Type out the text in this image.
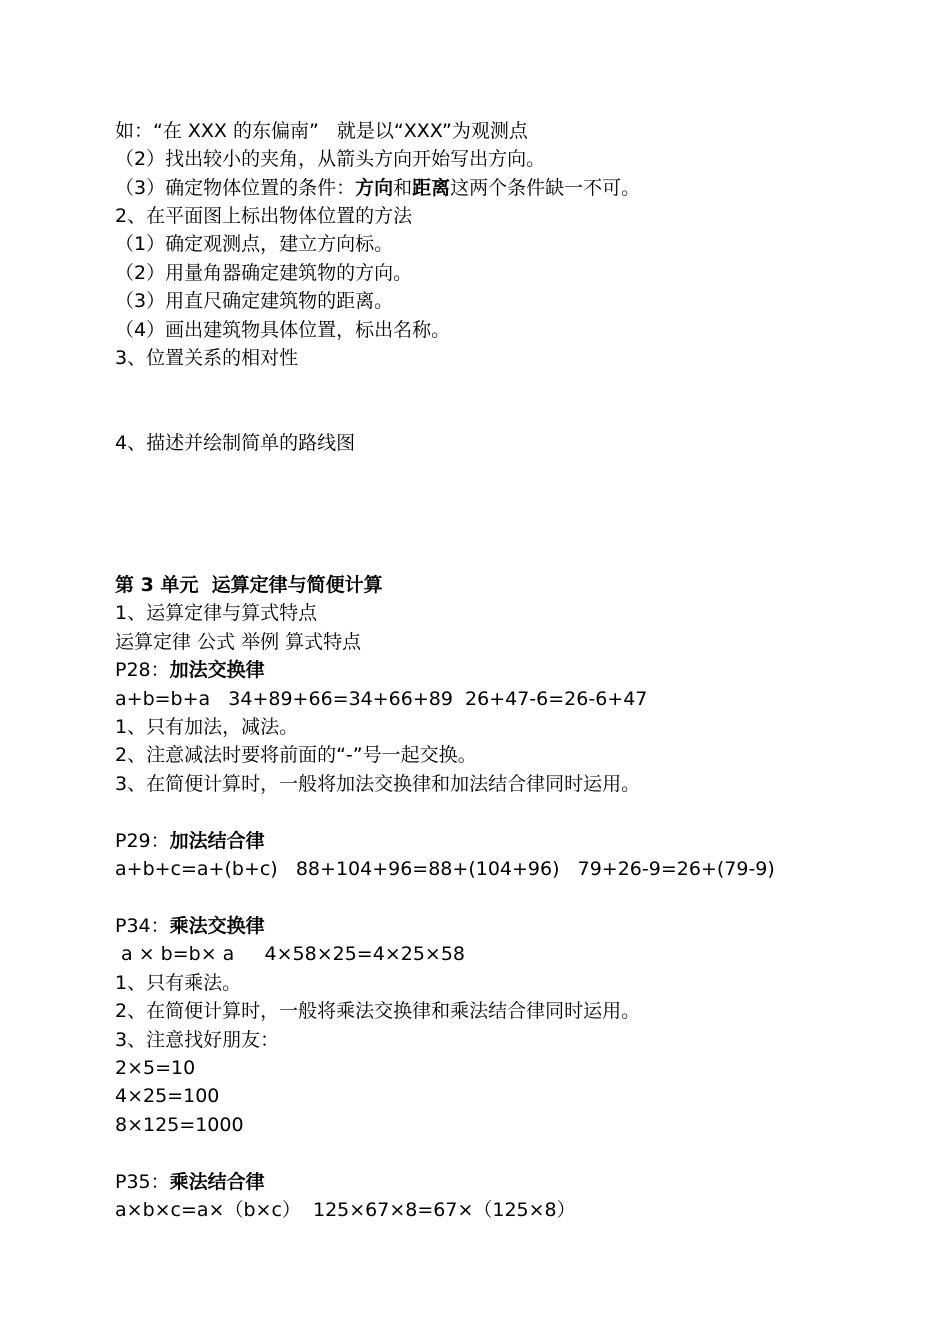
如：“在 XXX 的东偏南”   就是以“XXX”为观测点
（2）找出较小的夹角，从箭头方向开始写出方向。
（3）确定物体位置的条件：方向和距离这两个条件缺一不可。
2、在平面图上标出物体位置的方法
（1）确定观测点，建立方向标。
（2）用量角器确定建筑物的方向。
（3）用直尺确定建筑物的距离。
（4）画出建筑物具体位置，标出名称。
3、位置关系的相对性
4、描述并绘制简单的路线图
第 3 单元  运算定律与简便计算
1、运算定律与算式特点
运算定律 公式 举例 算式特点
P28：加法交换律
a+b=b+a   34+89+66=34+66+89  26+47-6=26-6+47
1、只有加法，减法。
2、注意减法时要将前面的“-”号一起交换。
3、在简便计算时，一般将加法交换律和加法结合律同时运用。
P29：加法结合律
a+b+c=a+(b+c)   88+104+96=88+(104+96)   79+26-9=26+(79-9)
P34：乘法交换律
a × b=b× a     4×58×25=4×25×58
1、只有乘法。
2、在简便计算时，一般将乘法交换律和乘法结合律同时运用。
3、注意找好朋友：
2×5=10
4×25=100
8×125=1000
P35：乘法结合律
a×b×c=a×（b×c）  125×67×8=67×（125×8）
